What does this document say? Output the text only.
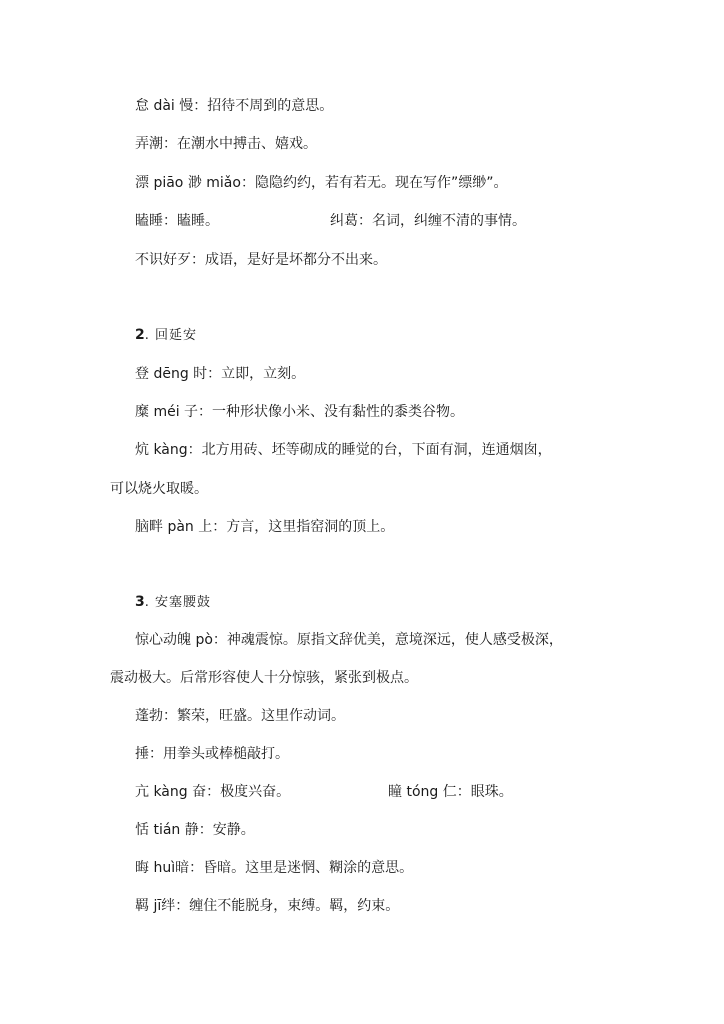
怠 dài 慢：招待不周到的意思。
弄潮：在潮水中搏击、嬉戏。
漂 piāo 渺 miǎo：隐隐约约，若有若无。现在写作”缥缈”。
瞌睡：瞌睡。	纠葛：名词，纠缠不清的事情。
不识好歹：成语，是好是坏都分不出来。
2. 回延安
登 dēng 时：立即，立刻。
糜 méi 子：一种形状像小米、没有黏性的黍类谷物。
炕 kàng：北方用砖、坯等砌成的睡觉的台，下面有洞，连通烟囱，
可以烧火取暖。
脑畔 pàn 上：方言，这里指窑洞的顶上。
3. 安塞腰鼓
惊心动魄 pò：神魂震惊。原指文辞优美，意境深远，使人感受极深，
震动极大。后常形容使人十分惊骇，紧张到极点。
蓬勃：繁荣，旺盛。这里作动词。
捶：用拳头或棒槌敲打。
亢 kàng 奋：极度兴奋。	瞳 tóng 仁：眼珠。
恬 tián 静：安静。
晦 huì暗：昏暗。这里是迷惘、糊涂的意思。
羁 jī绊：缠住不能脱身，束缚。羁，约束。
